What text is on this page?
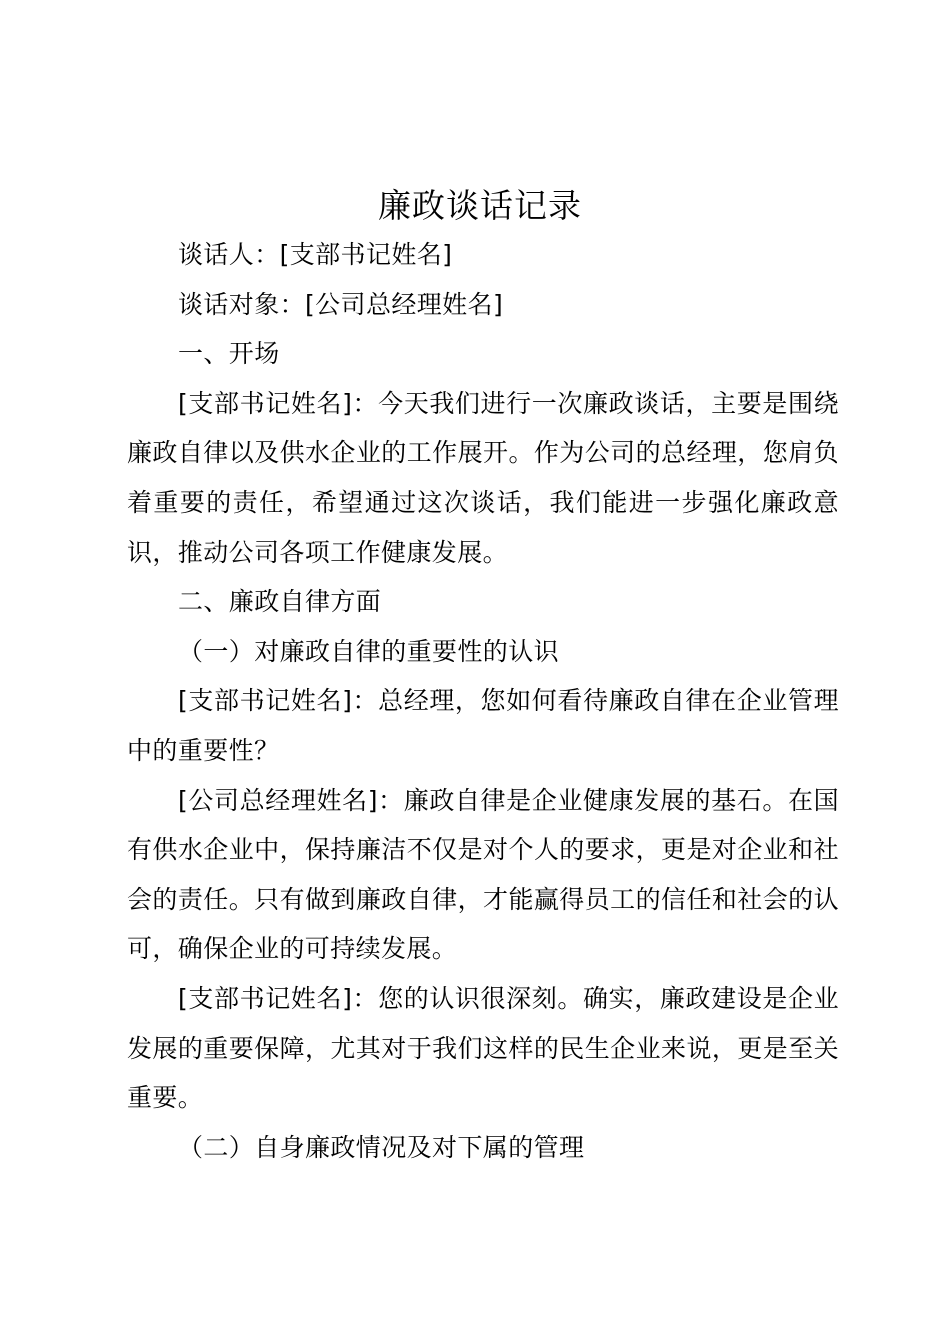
廉政谈话记录

谈话人：[支部书记姓名]

谈话对象：[公司总经理姓名]

一、开场

[支部书记姓名]：今天我们进行一次廉政谈话，主要是围绕廉政自律以及供水企业的工作展开。作为公司的总经理，您肩负着重要的责任，希望通过这次谈话，我们能进一步强化廉政意识，推动公司各项工作健康发展。

二、廉政自律方面

（一）对廉政自律的重要性的认识

[支部书记姓名]：总经理，您如何看待廉政自律在企业管理中的重要性？

[公司总经理姓名]：廉政自律是企业健康发展的基石。在国有供水企业中，保持廉洁不仅是对个人的要求，更是对企业和社会的责任。只有做到廉政自律，才能赢得员工的信任和社会的认可，确保企业的可持续发展。

[支部书记姓名]：您的认识很深刻。确实，廉政建设是企业发展的重要保障，尤其对于我们这样的民生企业来说，更是至关重要。

（二）自身廉政情况及对下属的管理
